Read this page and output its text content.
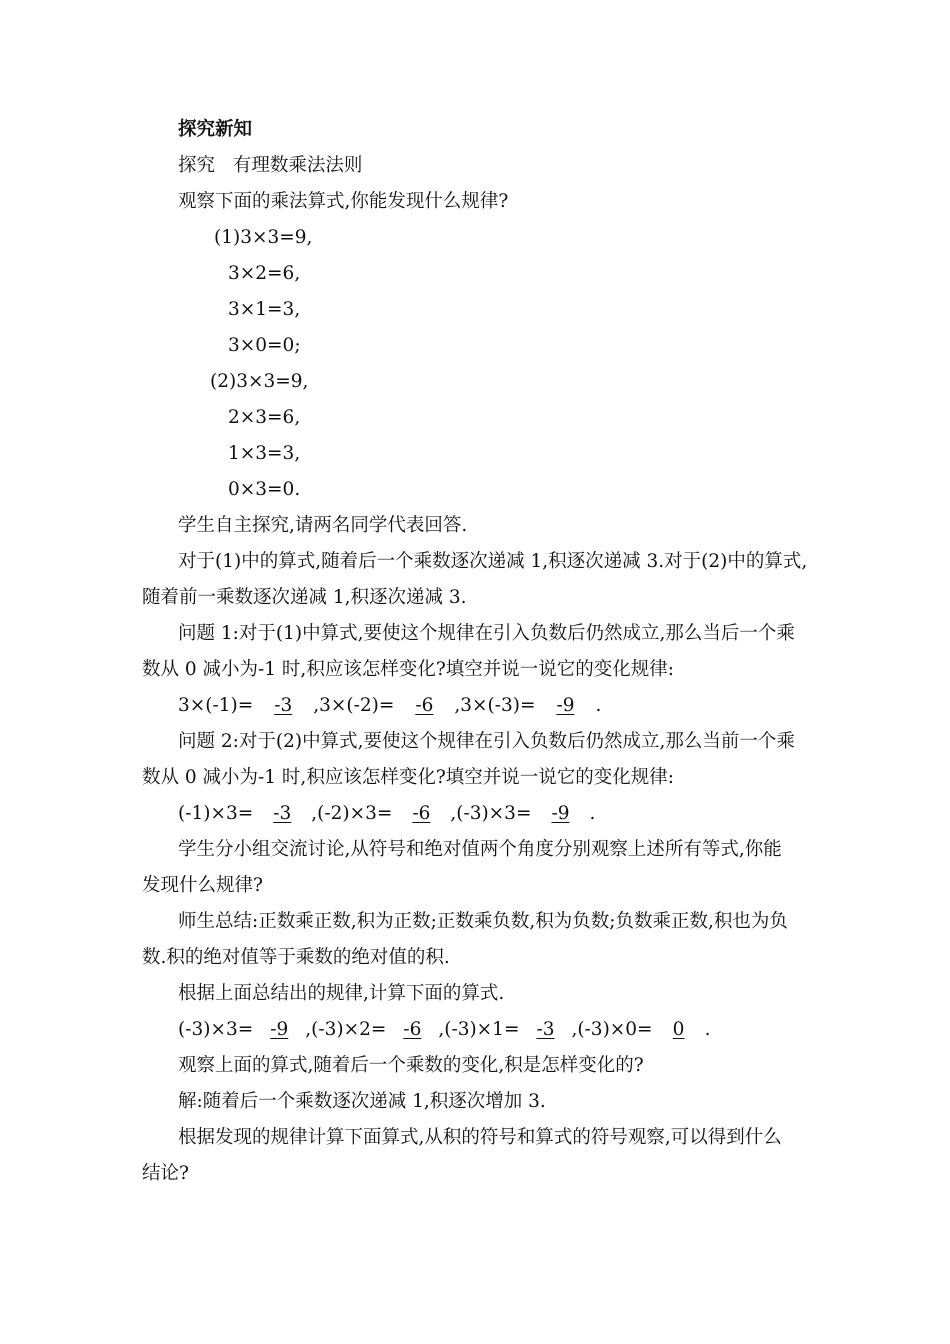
探究新知
探究 有理数乘法法则
观察下面的乘法算式,你能发现什么规律?
(1)3×3=9,
3×2=6,
3×1=3,
3×0=0;
(2)3×3=9,
2×3=6,
1×3=3,
0×3=0.
学生自主探究,请两名同学代表回答.
对于(1)中的算式,随着后一个乘数逐次递减 1,积逐次递减 3.对于(2)中的算式,
随着前一乘数逐次递减 1,积逐次递减 3.
问题 1:对于(1)中算式,要使这个规律在引入负数后仍然成立,那么当后一个乘
数从 0 减小为-1 时,积应该怎样变化?填空并说一说它的变化规律:
3×(-1)= -3 ,3×(-2)= -6 ,3×(-3)= -9 .
问题 2:对于(2)中算式,要使这个规律在引入负数后仍然成立,那么当前一个乘
数从 0 减小为-1 时,积应该怎样变化?填空并说一说它的变化规律:
(-1)×3= -3 ,(-2)×3= -6 ,(-3)×3= -9 .
学生分小组交流讨论,从符号和绝对值两个角度分别观察上述所有等式,你能
发现什么规律?
师生总结:正数乘正数,积为正数;正数乘负数,积为负数;负数乘正数,积也为负
数.积的绝对值等于乘数的绝对值的积.
根据上面总结出的规律,计算下面的算式.
(-3)×3= -9 ,(-3)×2= -6 ,(-3)×1= -3 ,(-3)×0= 0 .
观察上面的算式,随着后一个乘数的变化,积是怎样变化的?
解:随着后一个乘数逐次递减 1,积逐次增加 3.
根据发现的规律计算下面算式,从积的符号和算式的符号观察,可以得到什么
结论?
